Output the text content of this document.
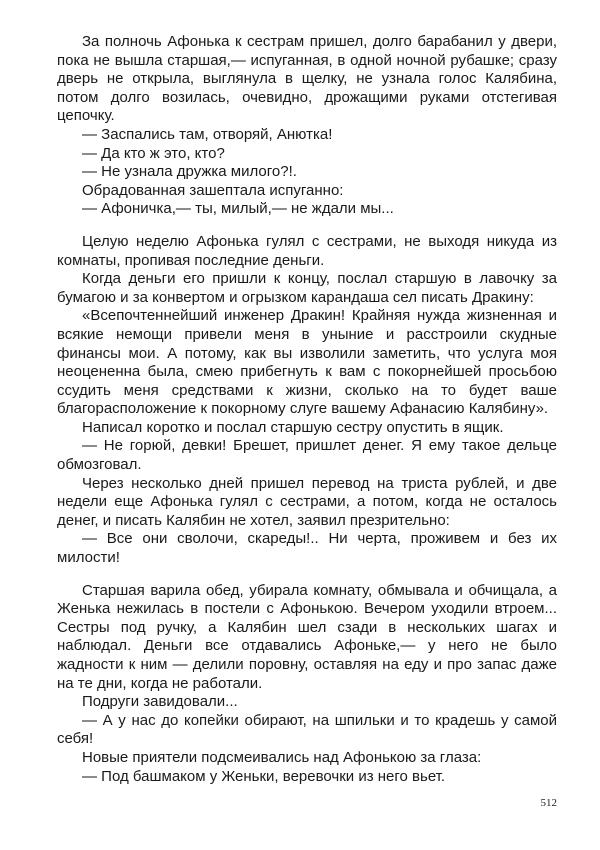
За полночь Афонька к сестрам пришел, долго барабанил у двери,
пока не вышла старшая,— испуганная, в одной ночной рубашке; сразу
дверь не открыла, выглянула в щелку, не узнала голос Калябина,
потом долго возилась, очевидно, дрожащими руками отстегивая
цепочку.
— Заспались там, отворяй, Анютка!
— Да кто ж это, кто?
— Не узнала дружка милого?!.
Обрадованная зашептала испуганно:
— Афоничка,— ты, милый,— не ждали мы...
Целую неделю Афонька гулял с сестрами, не выходя никуда из
комнаты, пропивая последние деньги.
Когда деньги его пришли к концу, послал старшую в лавочку за
бумагою и за конвертом и огрызком карандаша сел писать Дракину:
«Всепочтеннейший инженер Дракин! Крайняя нужда жизненная и
всякие немощи привели меня в уныние и расстроили скудные
финансы мои. А потому, как вы изволили заметить, что услуга моя
неоцененна была, смею прибегнуть к вам с покорнейшей просьбою
ссудить меня средствами к жизни, сколько на то будет ваше
благорасположение к покорному слуге вашему Афанасию Калябину».
Написал коротко и послал старшую сестру опустить в ящик.
— Не горюй, девки! Брешет, пришлет денег. Я ему такое дельце
обмозговал.
Через несколько дней пришел перевод на триста рублей, и две
недели еще Афонька гулял с сестрами, а потом, когда не осталось
денег, и писать Калябин не хотел, заявил презрительно:
— Все они сволочи, скареды!.. Ни черта, проживем и без их
милости!
Старшая варила обед, убирала комнату, обмывала и обчищала, а
Женька нежилась в постели с Афонькою. Вечером уходили втроем...
Сестры под ручку, а Калябин шел сзади в нескольких шагах и
наблюдал. Деньги все отдавались Афоньке,— у него не было
жадности к ним — делили поровну, оставляя на еду и про запас даже
на те дни, когда не работали.
Подруги завидовали...
— А у нас до копейки обирают, на шпильки и то крадешь у самой
себя!
Новые приятели подсмеивались над Афонькою за глаза:
— Под башмаком у Женьки, веревочки из него вьет.
512
